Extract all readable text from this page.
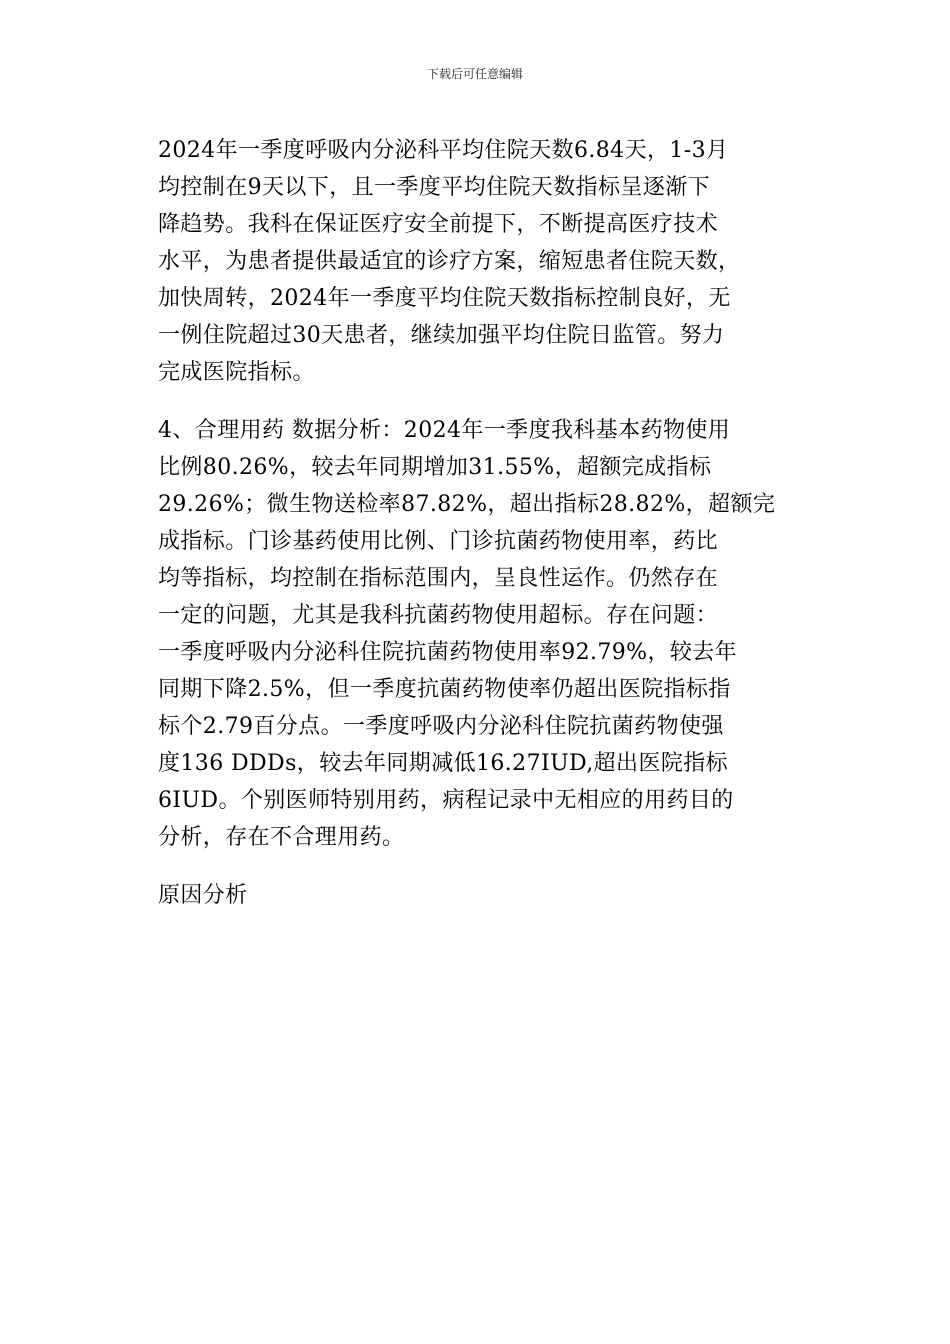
下载后可任意编辑

2024年一季度呼吸内分泌科平均住院天数6.84天，1-3月
均控制在9天以下，且一季度平均住院天数指标呈逐渐下
降趋势。我科在保证医疗安全前提下，不断提高医疗技术
水平，为患者提供最适宜的诊疗方案，缩短患者住院天数，
加快周转，2024年一季度平均住院天数指标控制良好，无
一例住院超过30天患者，继续加强平均住院日监管。努力
完成医院指标。

4、合理用药 数据分析：2024年一季度我科基本药物使用
比例80.26%，较去年同期增加31.55%，超额完成指标
29.26%；微生物送检率87.82%，超出指标28.82%，超额完
成指标。门诊基药使用比例、门诊抗菌药物使用率，药比
均等指标，均控制在指标范围内，呈良性运作。仍然存在
一定的问题，尤其是我科抗菌药物使用超标。存在问题：
一季度呼吸内分泌科住院抗菌药物使用率92.79%，较去年
同期下降2.5%，但一季度抗菌药物使率仍超出医院指标指
标个2.79百分点。一季度呼吸内分泌科住院抗菌药物使强
度136 DDDs，较去年同期减低16.27IUD,超出医院指标
6IUD。个别医师特别用药，病程记录中无相应的用药目的
分析，存在不合理用药。

原因分析
